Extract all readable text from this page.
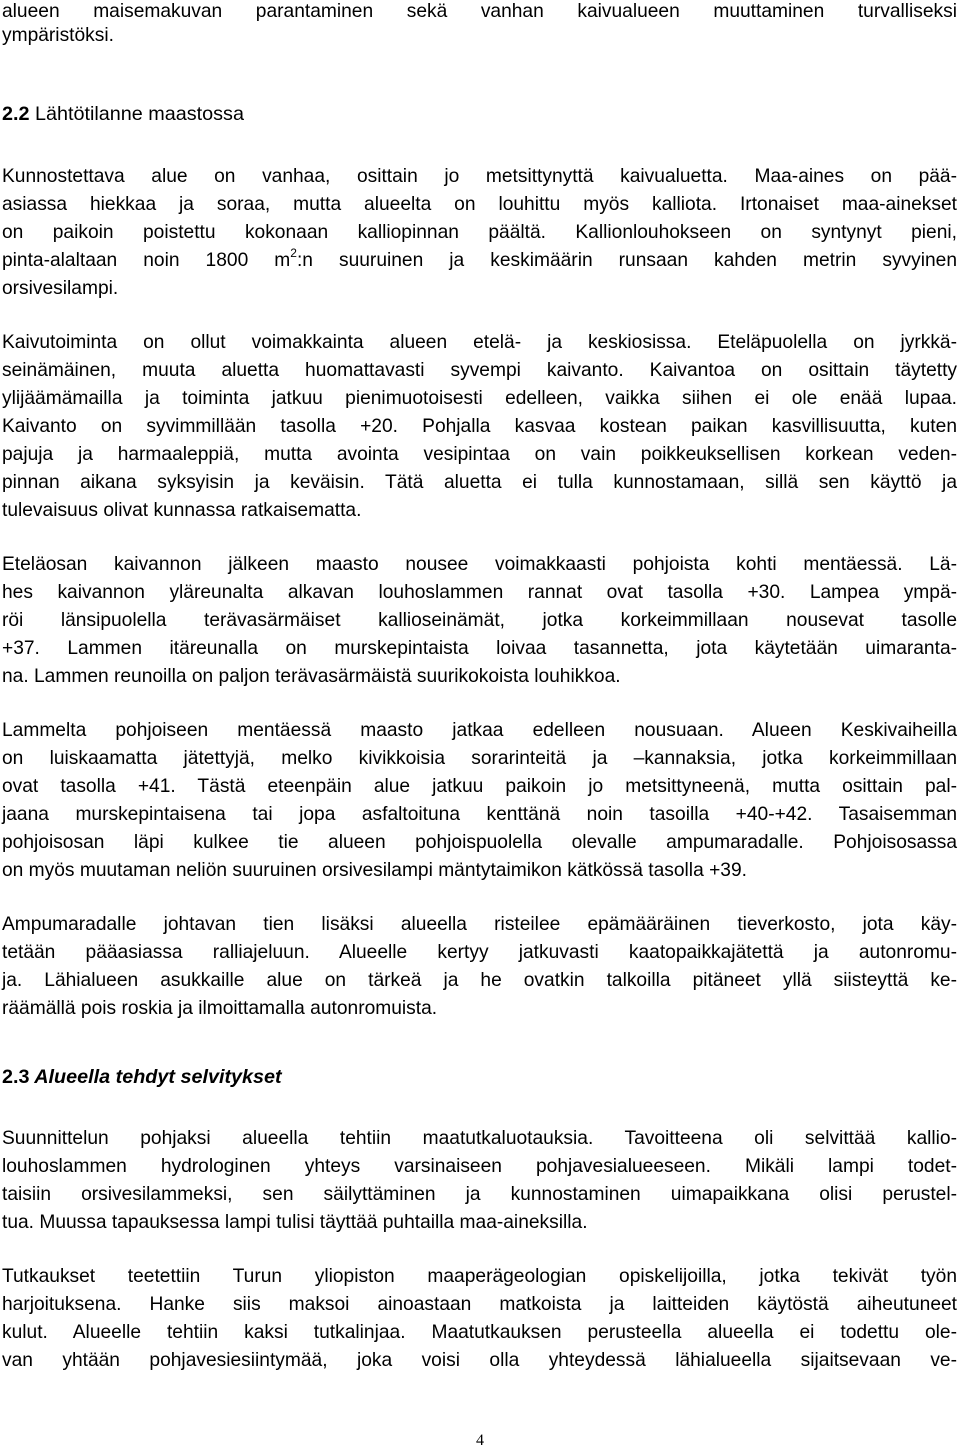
alueen maisemakuvan parantaminen sekä vanhan kaivualueen muuttaminen turvalliseksi
ympäristöksi.
2.2 Lähtötilanne maastossa
Kunnostettava alue on vanhaa, osittain jo metsittynyttä kaivualuetta. Maa-aines on pää-
asiassa hiekkaa ja soraa, mutta alueelta on louhittu myös kalliota. Irtonaiset maa-ainekset
on paikoin poistettu kokonaan kalliopinnan päältä. Kallionlouhokseen on syntynyt pieni,
pinta-alaltaan noin 1800 $m^2:n$ suuruinen ja keskimäärin runsaan kahden metrin syvyinen
orsivesilampi.
Kaivutoiminta on ollut voimakkainta alueen etelä- ja keskiosissa. Eteläpuolella on jyrkkä-
seinämäinen, muuta aluetta huomattavasti syvempi kaivanto. Kaivantoa on osittain täytetty
ylijäämämailla ja toiminta jatkuu pienimuotoisesti edelleen, vaikka siihen ei ole enää lupaa.
Kaivanto on syvimmillään tasolla +20. Pohjalla kasvaa kostean paikan kasvillisuutta, kuten
pajuja ja harmaaleppiä, mutta avointa vesipintaa on vain poikkeuksellisen korkean veden-
pinnan aikana syksyisin ja keväisin. Tätä aluetta ei tulla kunnostamaan, sillä sen käyttö ja
tulevaisuus olivat kunnassa ratkaisematta.
Eteläosan kaivannon jälkeen maasto nousee voimakkaasti pohjoista kohti mentäessä. Lä-
hes kaivannon yläreunalta alkavan louhoslammen rannat ovat tasolla +30. Lampea ympä-
röi länsipuolella terävasärmäiset kallioseinämät, jotka korkeimmillaan nousevat tasolle
+37. Lammen itäreunalla on murskepintaista loivaa tasannetta, jota käytetään uimaranta-
na. Lammen reunoilla on paljon terävasärmäistä suurikokoista louhikkoa.
Lammelta pohjoiseen mentäessä maasto jatkaa edelleen nousuaan. Alueen Keskivaiheilla
on luiskaamatta jätettyjä, melko kivikkoisia sorarinteitä ja –kannaksia, jotka korkeimmillaan
ovat tasolla +41. Tästä eteenpäin alue jatkuu paikoin jo metsittyneenä, mutta osittain pal-
jaana murskepintaisena tai jopa asfaltoituna kenttänä noin tasoilla +40-+42. Tasaisemman
pohjoisosan läpi kulkee tie alueen pohjoispuolella olevalle ampumaradalle. Pohjoisosassa
on myös muutaman neliön suuruinen orsivesilampi mäntytaimikon kätkössä tasolla +39.
Ampumaradalle johtavan tien lisäksi alueella risteilee epämääräinen tieverkosto, jota käy-
tetään pääasiassa ralliajeluun. Alueelle kertyy jatkuvasti kaatopaikkajätettä ja autonromu-
ja. Lähialueen asukkaille alue on tärkeä ja he ovatkin talkoilla pitäneet yllä siisteyttä ke-
räämällä pois roskia ja ilmoittamalla autonromuista.
2.3 Alueella tehdyt selvitykset
Suunnittelun pohjaksi alueella tehtiin maatutkaluotauksia. Tavoitteena oli selvittää kallio-
louhoslammen hydrologinen yhteys varsinaiseen pohjavesialueeseen. Mikäli lampi todet-
taisiin orsivesilammeksi, sen säilyttäminen ja kunnostaminen uimapaikkana olisi perustel-
tua. Muussa tapauksessa lampi tulisi täyttää puhtailla maa-aineksilla.
Tutkaukset teetettiin Turun yliopiston maaperägeologian opiskelijoilla, jotka tekivät työn
harjoituksena. Hanke siis maksoi ainoastaan matkoista ja laitteiden käytöstä aiheutuneet
kulut. Alueelle tehtiin kaksi tutkalinjaa. Maatutkauksen perusteella alueella ei todettu ole-
van yhtään pohjavesiesiintymää, joka voisi olla yhteydessä lähialueella sijaitsevaan ve-
4
